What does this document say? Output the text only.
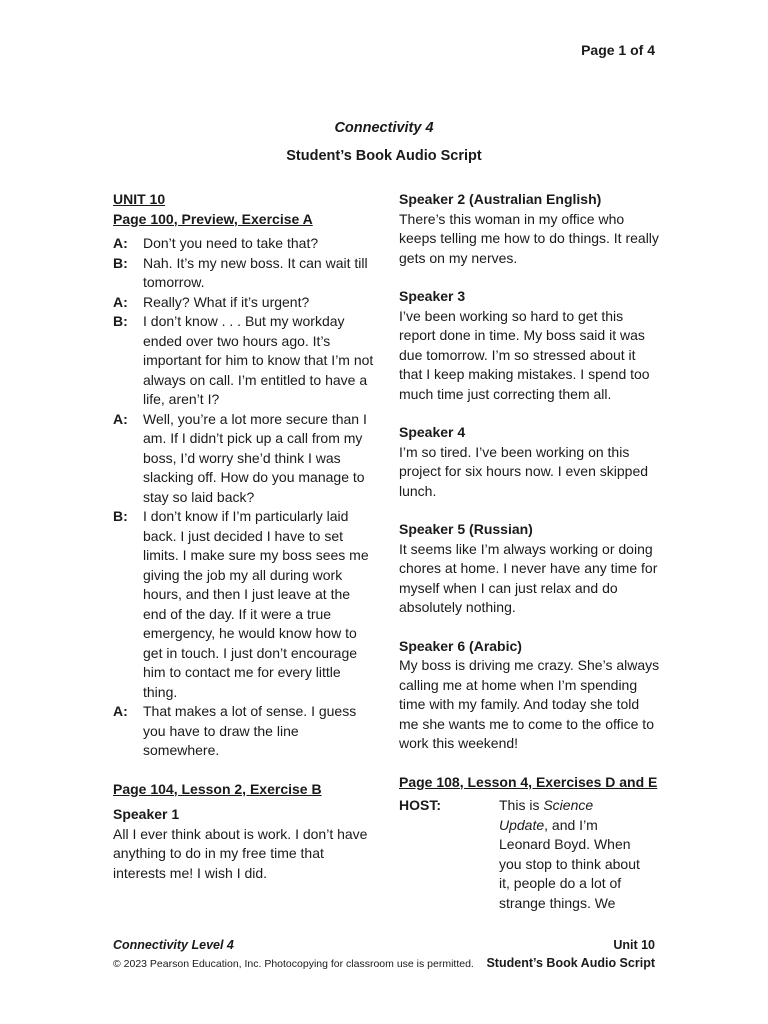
Page 1 of 4
Connectivity 4
Student’s Book Audio Script
UNIT 10
Page 100, Preview, Exercise A
A:	Don’t you need to take that?
B:	Nah. It’s my new boss. It can wait till tomorrow.
A:	Really? What if it’s urgent?
B:	I don’t know . . . But my workday ended over two hours ago. It’s important for him to know that I’m not always on call. I’m entitled to have a life, aren’t I?
A:	Well, you’re a lot more secure than I am. If I didn’t pick up a call from my boss, I’d worry she’d think I was slacking off. How do you manage to stay so laid back?
B:	I don’t know if I’m particularly laid back. I just decided I have to set limits. I make sure my boss sees me giving the job my all during work hours, and then I just leave at the end of the day. If it were a true emergency, he would know how to get in touch. I just don’t encourage him to contact me for every little thing.
A:	That makes a lot of sense. I guess you have to draw the line somewhere.
Page 104, Lesson 2, Exercise B
Speaker 1
All I ever think about is work. I don’t have anything to do in my free time that interests me! I wish I did.
Speaker 2 (Australian English)
There’s this woman in my office who keeps telling me how to do things. It really gets on my nerves.
Speaker 3
I’ve been working so hard to get this report done in time. My boss said it was due tomorrow. I’m so stressed about it that I keep making mistakes. I spend too much time just correcting them all.
Speaker 4
I’m so tired. I’ve been working on this project for six hours now. I even skipped lunch.
Speaker 5 (Russian)
It seems like I’m always working or doing chores at home. I never have any time for myself when I can just relax and do absolutely nothing.
Speaker 6 (Arabic)
My boss is driving me crazy. She’s always calling me at home when I’m spending time with my family. And today she told me she wants me to come to the office to work this weekend!
Page 108, Lesson 4, Exercises D and E
HOST:	This is Science Update, and I’m Leonard Boyd. When you stop to think about it, people do a lot of strange things. We
Connectivity Level 4
© 2023 Pearson Education, Inc. Photocopying for classroom use is permitted.
Unit 10
Student’s Book Audio Script
